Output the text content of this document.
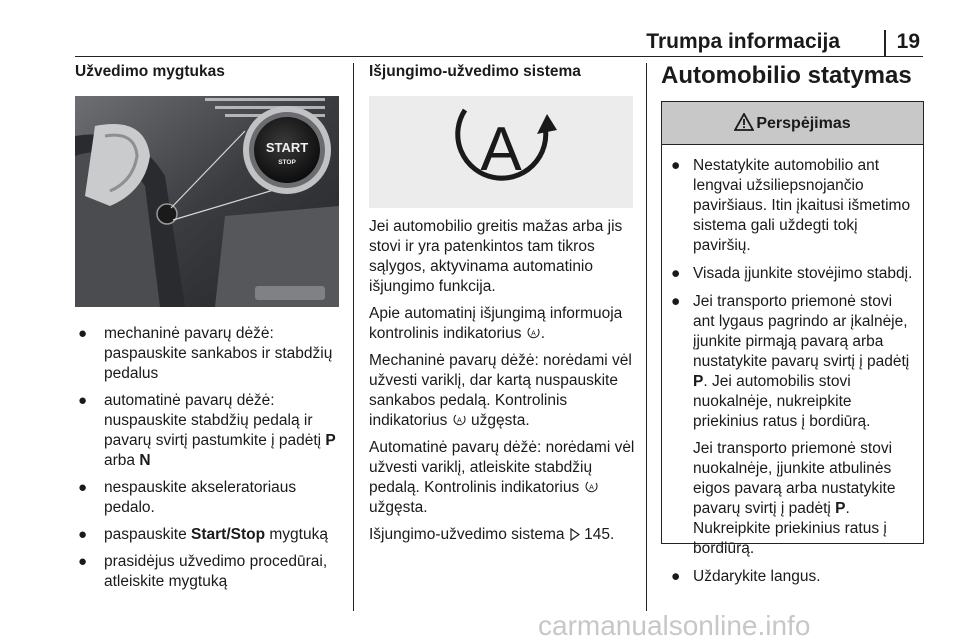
Trumpa informacija	19
Užvedimo mygtukas
START
STOP
● mechaninė pavarų dėžė: paspauskite sankabos ir stabdžių pedalus
● automatinė pavarų dėžė: nuspauskite stabdžių pedalą ir pavarų svirtį pastumkite į padėtį P arba N
● nespauskite akseleratoriaus pedalo.
● paspauskite Start/Stop mygtuką
● prasidėjus užvedimo procedūrai, atleiskite mygtuką
Išjungimo-užvedimo sistema
A

Jei automobilio greitis mažas arba jis stovi ir yra patenkintos tam tikros sąlygos, aktyvinama automatinio išjungimo funkcija.

Apie automatinį išjungimą informuoja kontrolinis indikatorius A .

Mechaninė pavarų dėžė: norėdami vėl užvesti variklį, dar kartą nuspauskite sankabos pedalą. Kontrolinis indikatorius A užgęsta.

Automatinė pavarų dėžė: norėdami vėl užvesti variklį, atleiskite stabdžių pedalą. Kontrolinis indikatorius A
užgęsta.

Išjungimo-užvedimo sistema  145.

Automobilio statymas
Perspėjimas
● Nestatykite automobilio ant lengvai užsiliepsnojančio paviršiaus. Itin įkaitusi išmetimo sistema gali uždegti tokį paviršių.
● Visada įjunkite stovėjimo stabdį.
● Jei transporto priemonė stovi ant lygaus pagrindo ar įkalnėje, įjunkite pirmąją pavarą arba nustatykite pavarų svirtį į padėtį P. Jei automobilis stovi nuokalnėje, nukreipkite priekinius ratus į bordiūrą.
Jei transporto priemonė stovi nuokalnėje, įjunkite atbulinės eigos pavarą arba nustatykite pavarų svirtį į padėtį P. Nukreipkite priekinius ratus į bordiūrą.
● Uždarykite langus.
carmanualsonline.info
